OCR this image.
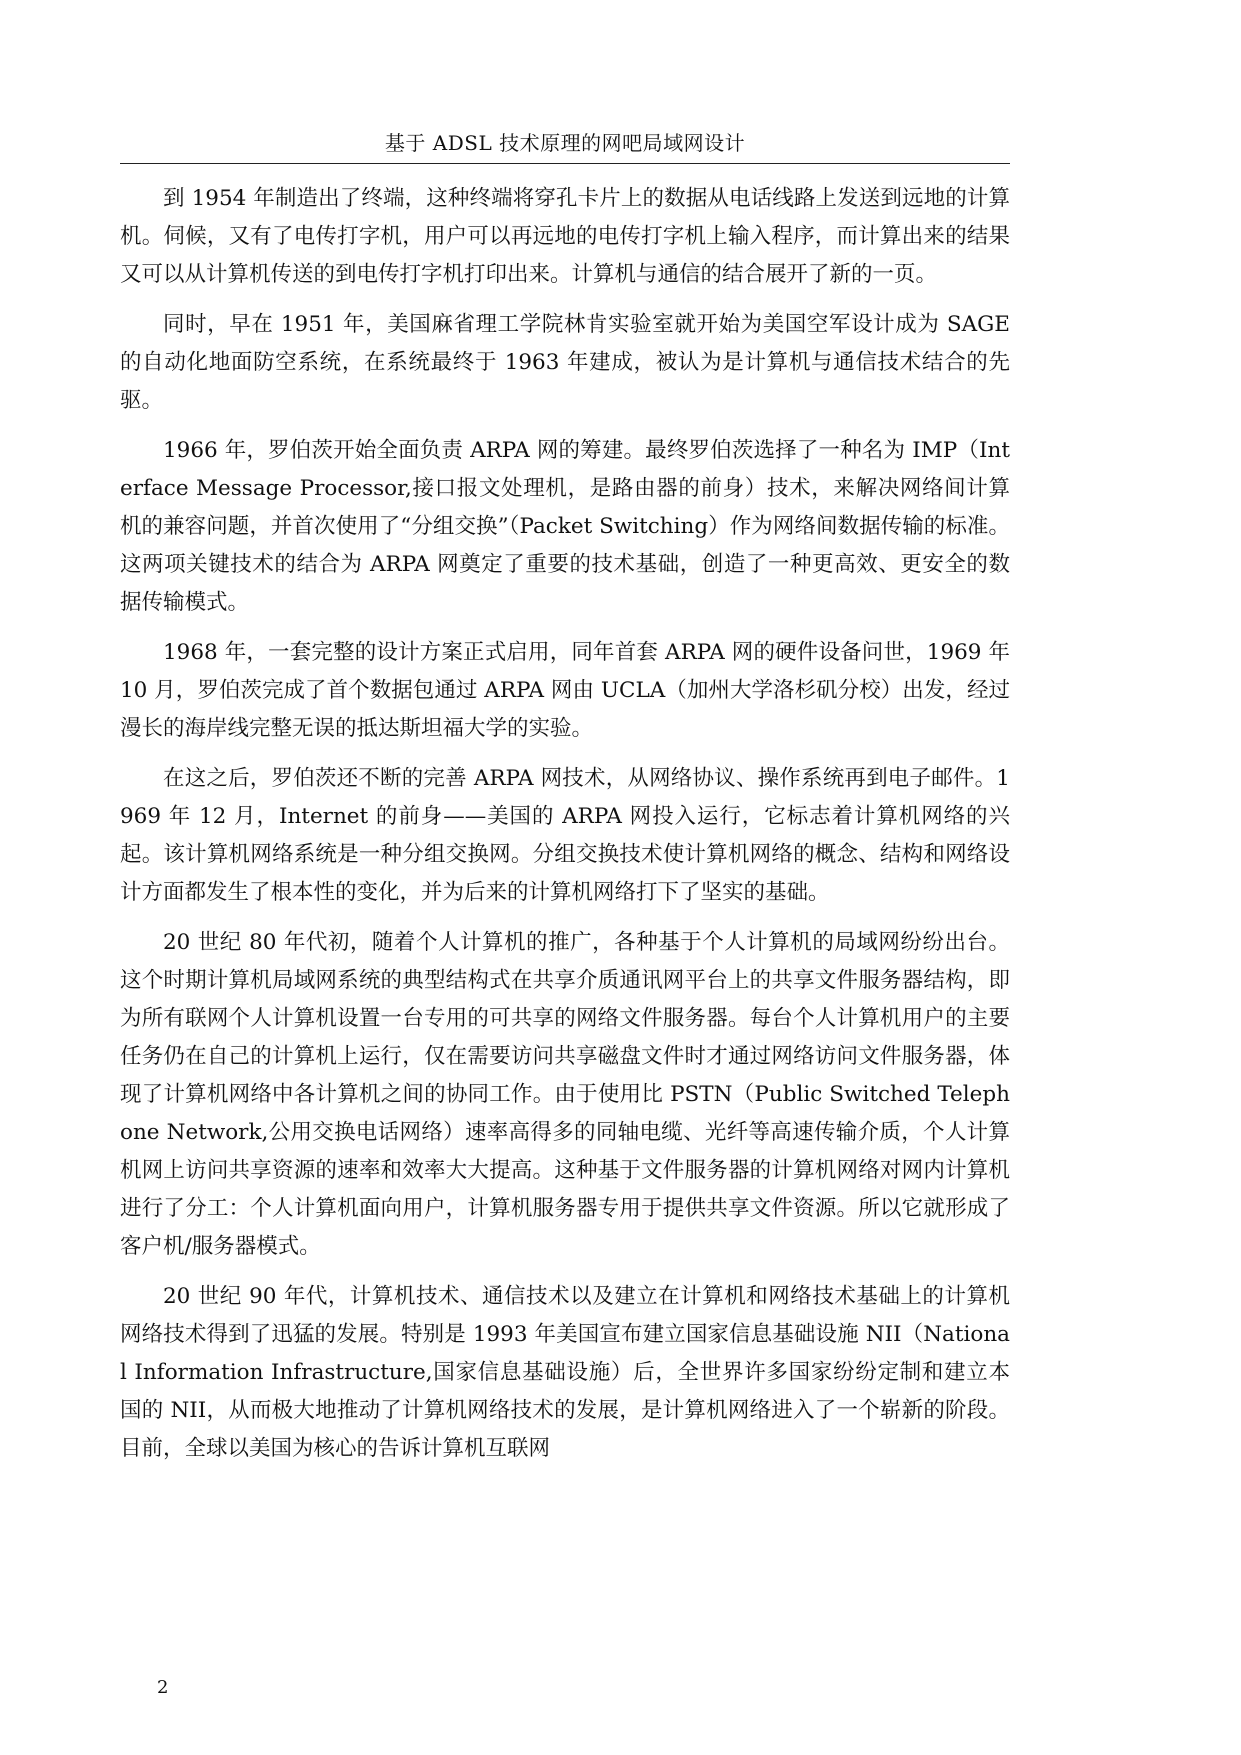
基于 ADSL 技术原理的网吧局域网设计

到 1954 年制造出了终端，这种终端将穿孔卡片上的数据从电话线路上发送到远地的计算机。伺候，又有了电传打字机，用户可以再远地的电传打字机上输入程序，而计算出来的结果又可以从计算机传送的到电传打字机打印出来。计算机与通信的结合展开了新的一页。

同时，早在 1951 年，美国麻省理工学院林肯实验室就开始为美国空军设计成为 SAGE 的自动化地面防空系统，在系统最终于 1963 年建成，被认为是计算机与通信技术结合的先驱。

1966 年，罗伯茨开始全面负责 ARPA 网的筹建。最终罗伯茨选择了一种名为 IMP（Interface Message Processor,接口报文处理机，是路由器的前身）技术，来解决网络间计算机的兼容问题，并首次使用了“分组交换”（Packet Switching）作为网络间数据传输的标准。这两项关键技术的结合为 ARPA 网奠定了重要的技术基础，创造了一种更高效、更安全的数据传输模式。

1968 年，一套完整的设计方案正式启用，同年首套 ARPA 网的硬件设备问世，1969 年 10 月，罗伯茨完成了首个数据包通过 ARPA 网由 UCLA（加州大学洛杉矶分校）出发，经过漫长的海岸线完整无误的抵达斯坦福大学的实验。

在这之后，罗伯茨还不断的完善 ARPA 网技术，从网络协议、操作系统再到电子邮件。1969 年 12 月，Internet 的前身——美国的 ARPA 网投入运行，它标志着计算机网络的兴起。该计算机网络系统是一种分组交换网。分组交换技术使计算机网络的概念、结构和网络设计方面都发生了根本性的变化，并为后来的计算机网络打下了坚实的基础。

20 世纪 80 年代初，随着个人计算机的推广，各种基于个人计算机的局域网纷纷出台。这个时期计算机局域网系统的典型结构式在共享介质通讯网平台上的共享文件服务器结构，即为所有联网个人计算机设置一台专用的可共享的网络文件服务器。每台个人计算机用户的主要任务仍在自己的计算机上运行，仅在需要访问共享磁盘文件时才通过网络访问文件服务器，体现了计算机网络中各计算机之间的协同工作。由于使用比 PSTN（Public Switched Telephone Network,公用交换电话网络）速率高得多的同轴电缆、光纤等高速传输介质，个人计算机网上访问共享资源的速率和效率大大提高。这种基于文件服务器的计算机网络对网内计算机进行了分工：个人计算机面向用户，计算机服务器专用于提供共享文件资源。所以它就形成了客户机/服务器模式。

20 世纪 90 年代，计算机技术、通信技术以及建立在计算机和网络技术基础上的计算机网络技术得到了迅猛的发展。特别是 1993 年美国宣布建立国家信息基础设施 NII（National Information Infrastructure,国家信息基础设施）后，全世界许多国家纷纷定制和建立本国的 NII，从而极大地推动了计算机网络技术的发展，是计算机网络进入了一个崭新的阶段。目前，全球以美国为核心的告诉计算机互联网

2
